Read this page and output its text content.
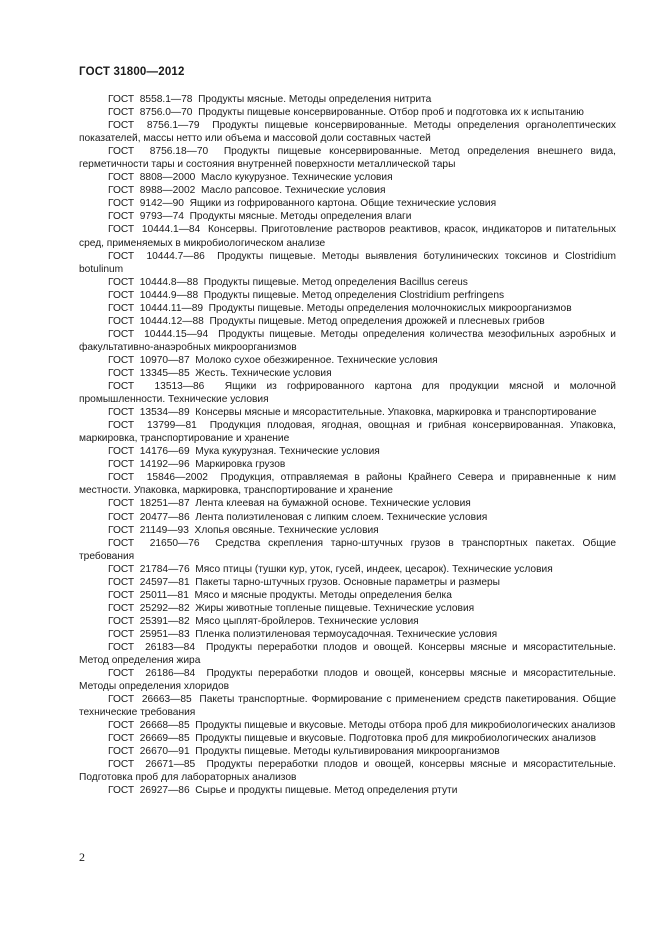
ГОСТ 31800—2012

ГОСТ  8558.1—78  Продукты мясные. Методы определения нитрита

ГОСТ  8756.0—70  Продукты пищевые консервированные. Отбор проб и подготовка их к испытанию

ГОСТ  8756.1—79  Продукты пищевые консервированные. Методы определения органолептических показателей, массы нетто или объема и массовой доли составных частей

ГОСТ  8756.18—70  Продукты пищевые консервированные. Метод определения внешнего вида, герметичности тары и состояния внутренней поверхности металлической тары

ГОСТ  8808—2000  Масло кукурузное. Технические условия

ГОСТ  8988—2002  Масло рапсовое. Технические условия

ГОСТ  9142—90  Ящики из гофрированного картона. Общие технические условия

ГОСТ  9793—74  Продукты мясные. Методы определения влаги

ГОСТ  10444.1—84  Консервы. Приготовление растворов реактивов, красок, индикаторов и питательных сред, применяемых в микробиологическом анализе

ГОСТ  10444.7—86  Продукты пищевые. Методы выявления ботулинических токсинов и Clostridium botulinum

ГОСТ  10444.8—88  Продукты пищевые. Метод определения Bacillus cereus

ГОСТ  10444.9—88  Продукты пищевые. Метод определения Clostridium perfringens

ГОСТ  10444.11—89  Продукты пищевые. Методы определения молочнокислых микроорганизмов

ГОСТ  10444.12—88  Продукты пищевые. Метод определения дрожжей и плесневых грибов

ГОСТ  10444.15—94  Продукты пищевые. Методы определения количества мезофильных аэробных и факультативно-анаэробных микроорганизмов

ГОСТ  10970—87  Молоко сухое обезжиренное. Технические условия

ГОСТ  13345—85  Жесть. Технические условия

ГОСТ  13513—86  Ящики из гофрированного картона для продукции мясной и молочной промышленности. Технические условия

ГОСТ  13534—89  Консервы мясные и мясорастительные. Упаковка, маркировка и транспортирование

ГОСТ  13799—81  Продукция плодовая, ягодная, овощная и грибная консервированная. Упаковка, маркировка, транспортирование и хранение

ГОСТ  14176—69  Мука кукурузная. Технические условия

ГОСТ  14192—96  Маркировка грузов

ГОСТ  15846—2002  Продукция, отправляемая в районы Крайнего Севера и приравненные к ним местности. Упаковка, маркировка, транспортирование и хранение

ГОСТ  18251—87  Лента клеевая на бумажной основе. Технические условия

ГОСТ  20477—86  Лента полиэтиленовая с липким слоем. Технические условия

ГОСТ  21149—93  Хлопья овсяные. Технические условия

ГОСТ  21650—76  Средства скрепления тарно-штучных грузов в транспортных пакетах. Общие требования

ГОСТ  21784—76  Мясо птицы (тушки кур, уток, гусей, индеек, цесарок). Технические условия

ГОСТ  24597—81  Пакеты тарно-штучных грузов. Основные параметры и размеры

ГОСТ  25011—81  Мясо и мясные продукты. Методы определения белка

ГОСТ  25292—82  Жиры животные топленые пищевые. Технические условия

ГОСТ  25391—82  Мясо цыплят-бройлеров. Технические условия

ГОСТ  25951—83  Пленка полиэтиленовая термоусадочная. Технические условия

ГОСТ  26183—84  Продукты переработки плодов и овощей. Консервы мясные и мясорастительные. Метод определения жира

ГОСТ  26186—84  Продукты переработки плодов и овощей, консервы мясные и мясорастительные. Методы определения хлоридов

ГОСТ  26663—85  Пакеты транспортные. Формирование с применением средств пакетирования. Общие технические требования

ГОСТ  26668—85  Продукты пищевые и вкусовые. Методы отбора проб для микробиологических анализов

ГОСТ  26669—85  Продукты пищевые и вкусовые. Подготовка проб для микробиологических анализов

ГОСТ  26670—91  Продукты пищевые. Методы культивирования микроорганизмов

ГОСТ  26671—85  Продукты переработки плодов и овощей, консервы мясные и мясорастительные. Подготовка проб для лабораторных анализов

ГОСТ  26927—86  Сырье и продукты пищевые. Метод определения ртути

2
